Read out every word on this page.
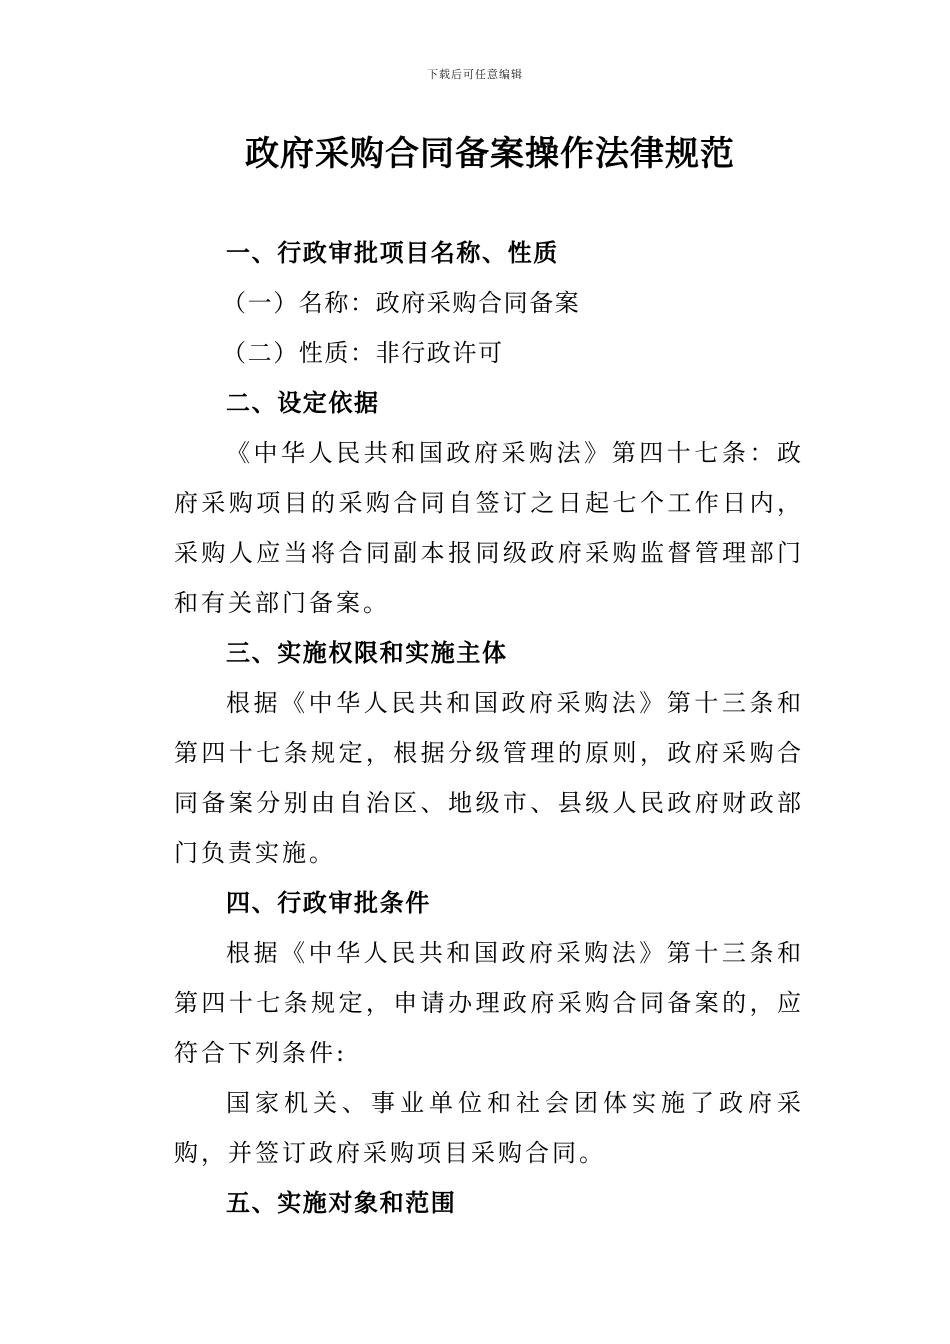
下载后可任意编辑
政府采购合同备案操作法律规范
一、行政审批项目名称、性质
（一）名称：政府采购合同备案
（二）性质：非行政许可
二、设定依据

《中华人民共和国政府采购法》第四十七条：政府采购项目的采购合同自签订之日起七个工作日内，采购人应当将合同副本报同级政府采购监督管理部门和有关部门备案。

三、实施权限和实施主体

根据《中华人民共和国政府采购法》第十三条和第四十七条规定，根据分级管理的原则，政府采购合同备案分别由自治区、地级市、县级人民政府财政部门负责实施。

四、行政审批条件

根据《中华人民共和国政府采购法》第十三条和第四十七条规定，申请办理政府采购合同备案的，应符合下列条件:

国家机关、事业单位和社会团体实施了政府采购，并签订政府采购项目采购合同。

五、实施对象和范围
